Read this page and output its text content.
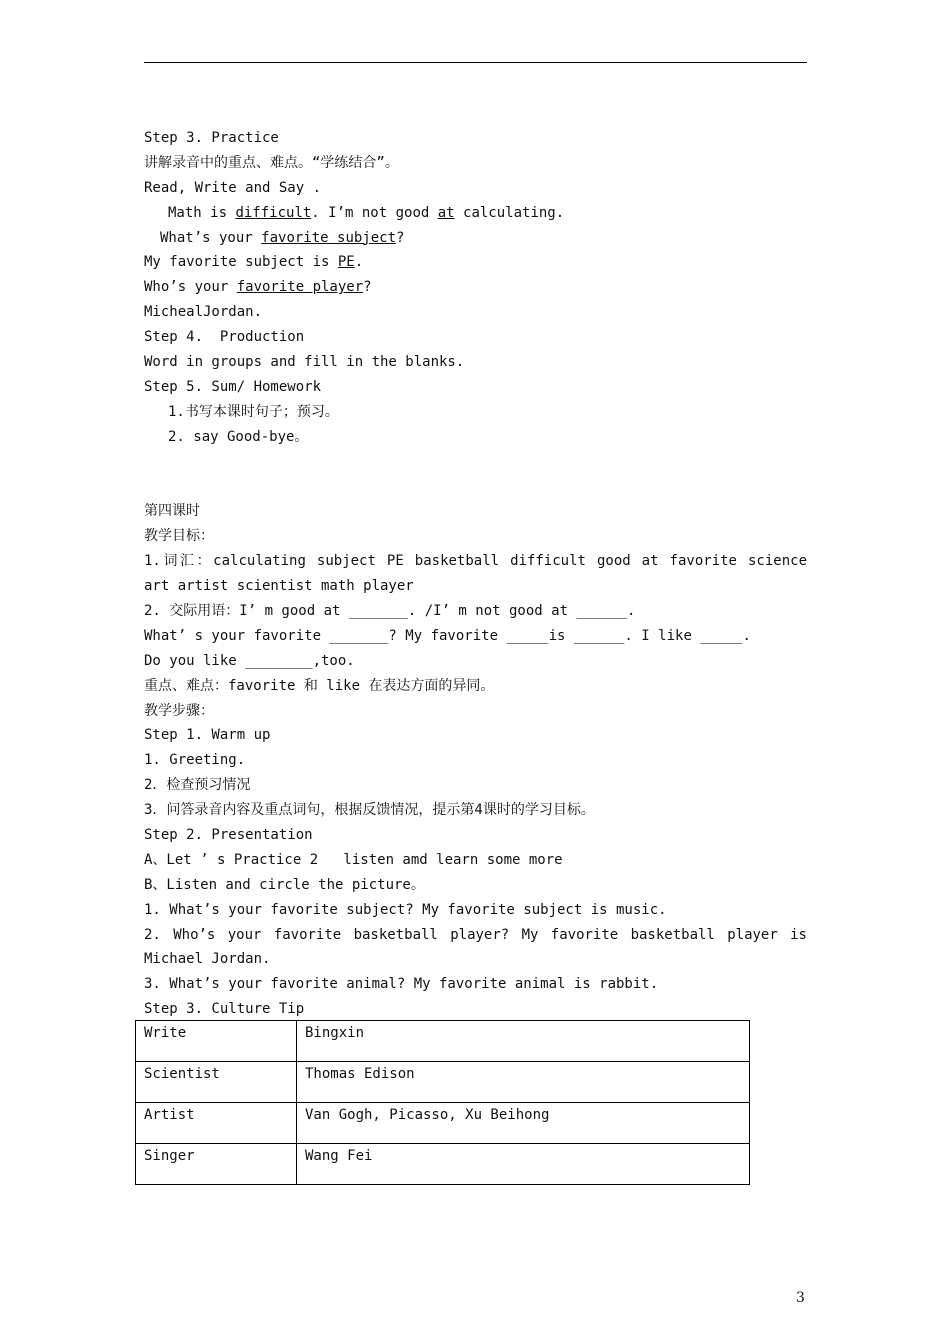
Step 3. Practice
讲解录音中的重点、难点。“学练结合”。
Read, Write and Say .
Math is difficult. I’m not good at calculating.
What’s your favorite subject?
My favorite subject is PE.
Who’s your favorite player?
MichealJordan.
Step 4.  Production
Word in groups and fill in the blanks.
Step 5. Sum/ Homework
1.书写本课时句子；预习。
2. say Good-bye。
第四课时
教学目标：
1.词汇：calculating subject PE basketball difficult good at favorite science
art artist scientist math player
2. 交际用语：I’ m good at _______. /I’ m not good at ______.
What’ s your favorite _______? My favorite _____is ______. I like _____.
Do you like ________,too.
重点、难点：favorite 和 like 在表达方面的异同。
教学步骤：
Step 1. Warm up
1. Greeting.
2．检查预习情况
3．问答录音内容及重点词句，根据反馈情况，提示第4课时的学习目标。
Step 2. Presentation
A、Let ’ s Practice 2   listen amd learn some more
B、Listen and circle the picture。
1. What’s your favorite subject? My favorite subject is music.
2. Who’s your favorite basketball player? My favorite basketball player is
Michael Jordan.
3. What’s your favorite animal? My favorite animal is rabbit.
Step 3. Culture Tip
Write	Bingxin
Scientist	Thomas Edison
Artist	Van Gogh, Picasso, Xu Beihong
Singer	Wang Fei
3
